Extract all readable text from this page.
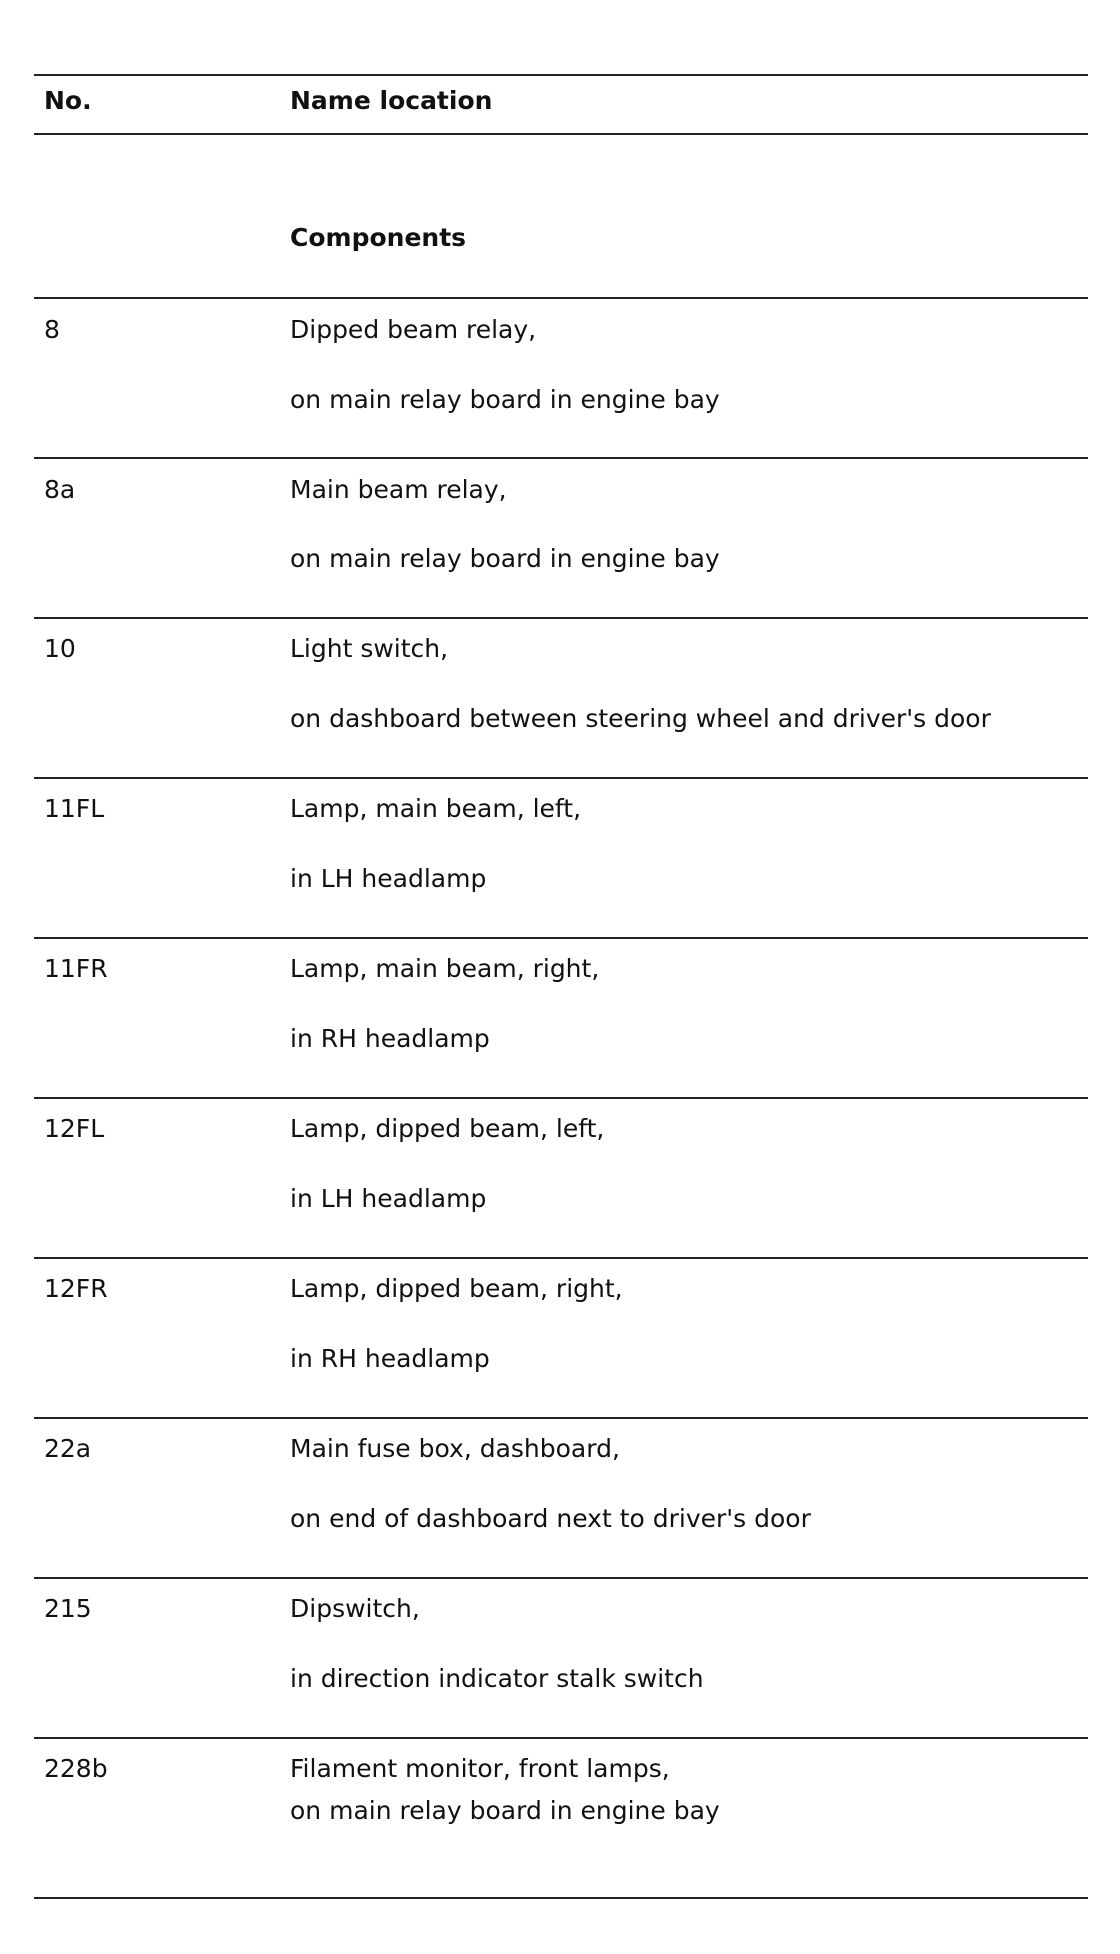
No.	Name location
Components
8	Dipped beam relay,
on main relay board in engine bay
8a	Main beam relay,
on main relay board in engine bay
10	Light switch,
on dashboard between steering wheel and driver's door
11FL	Lamp, main beam, left,
in LH headlamp
11FR	Lamp, main beam, right,
in RH headlamp
12FL	Lamp, dipped beam, left,
in LH headlamp
12FR	Lamp, dipped beam, right,
in RH headlamp
22a	Main fuse box, dashboard,
on end of dashboard next to driver's door
215	Dipswitch,
in direction indicator stalk switch
228b	Filament monitor, front lamps,
on main relay board in engine bay
